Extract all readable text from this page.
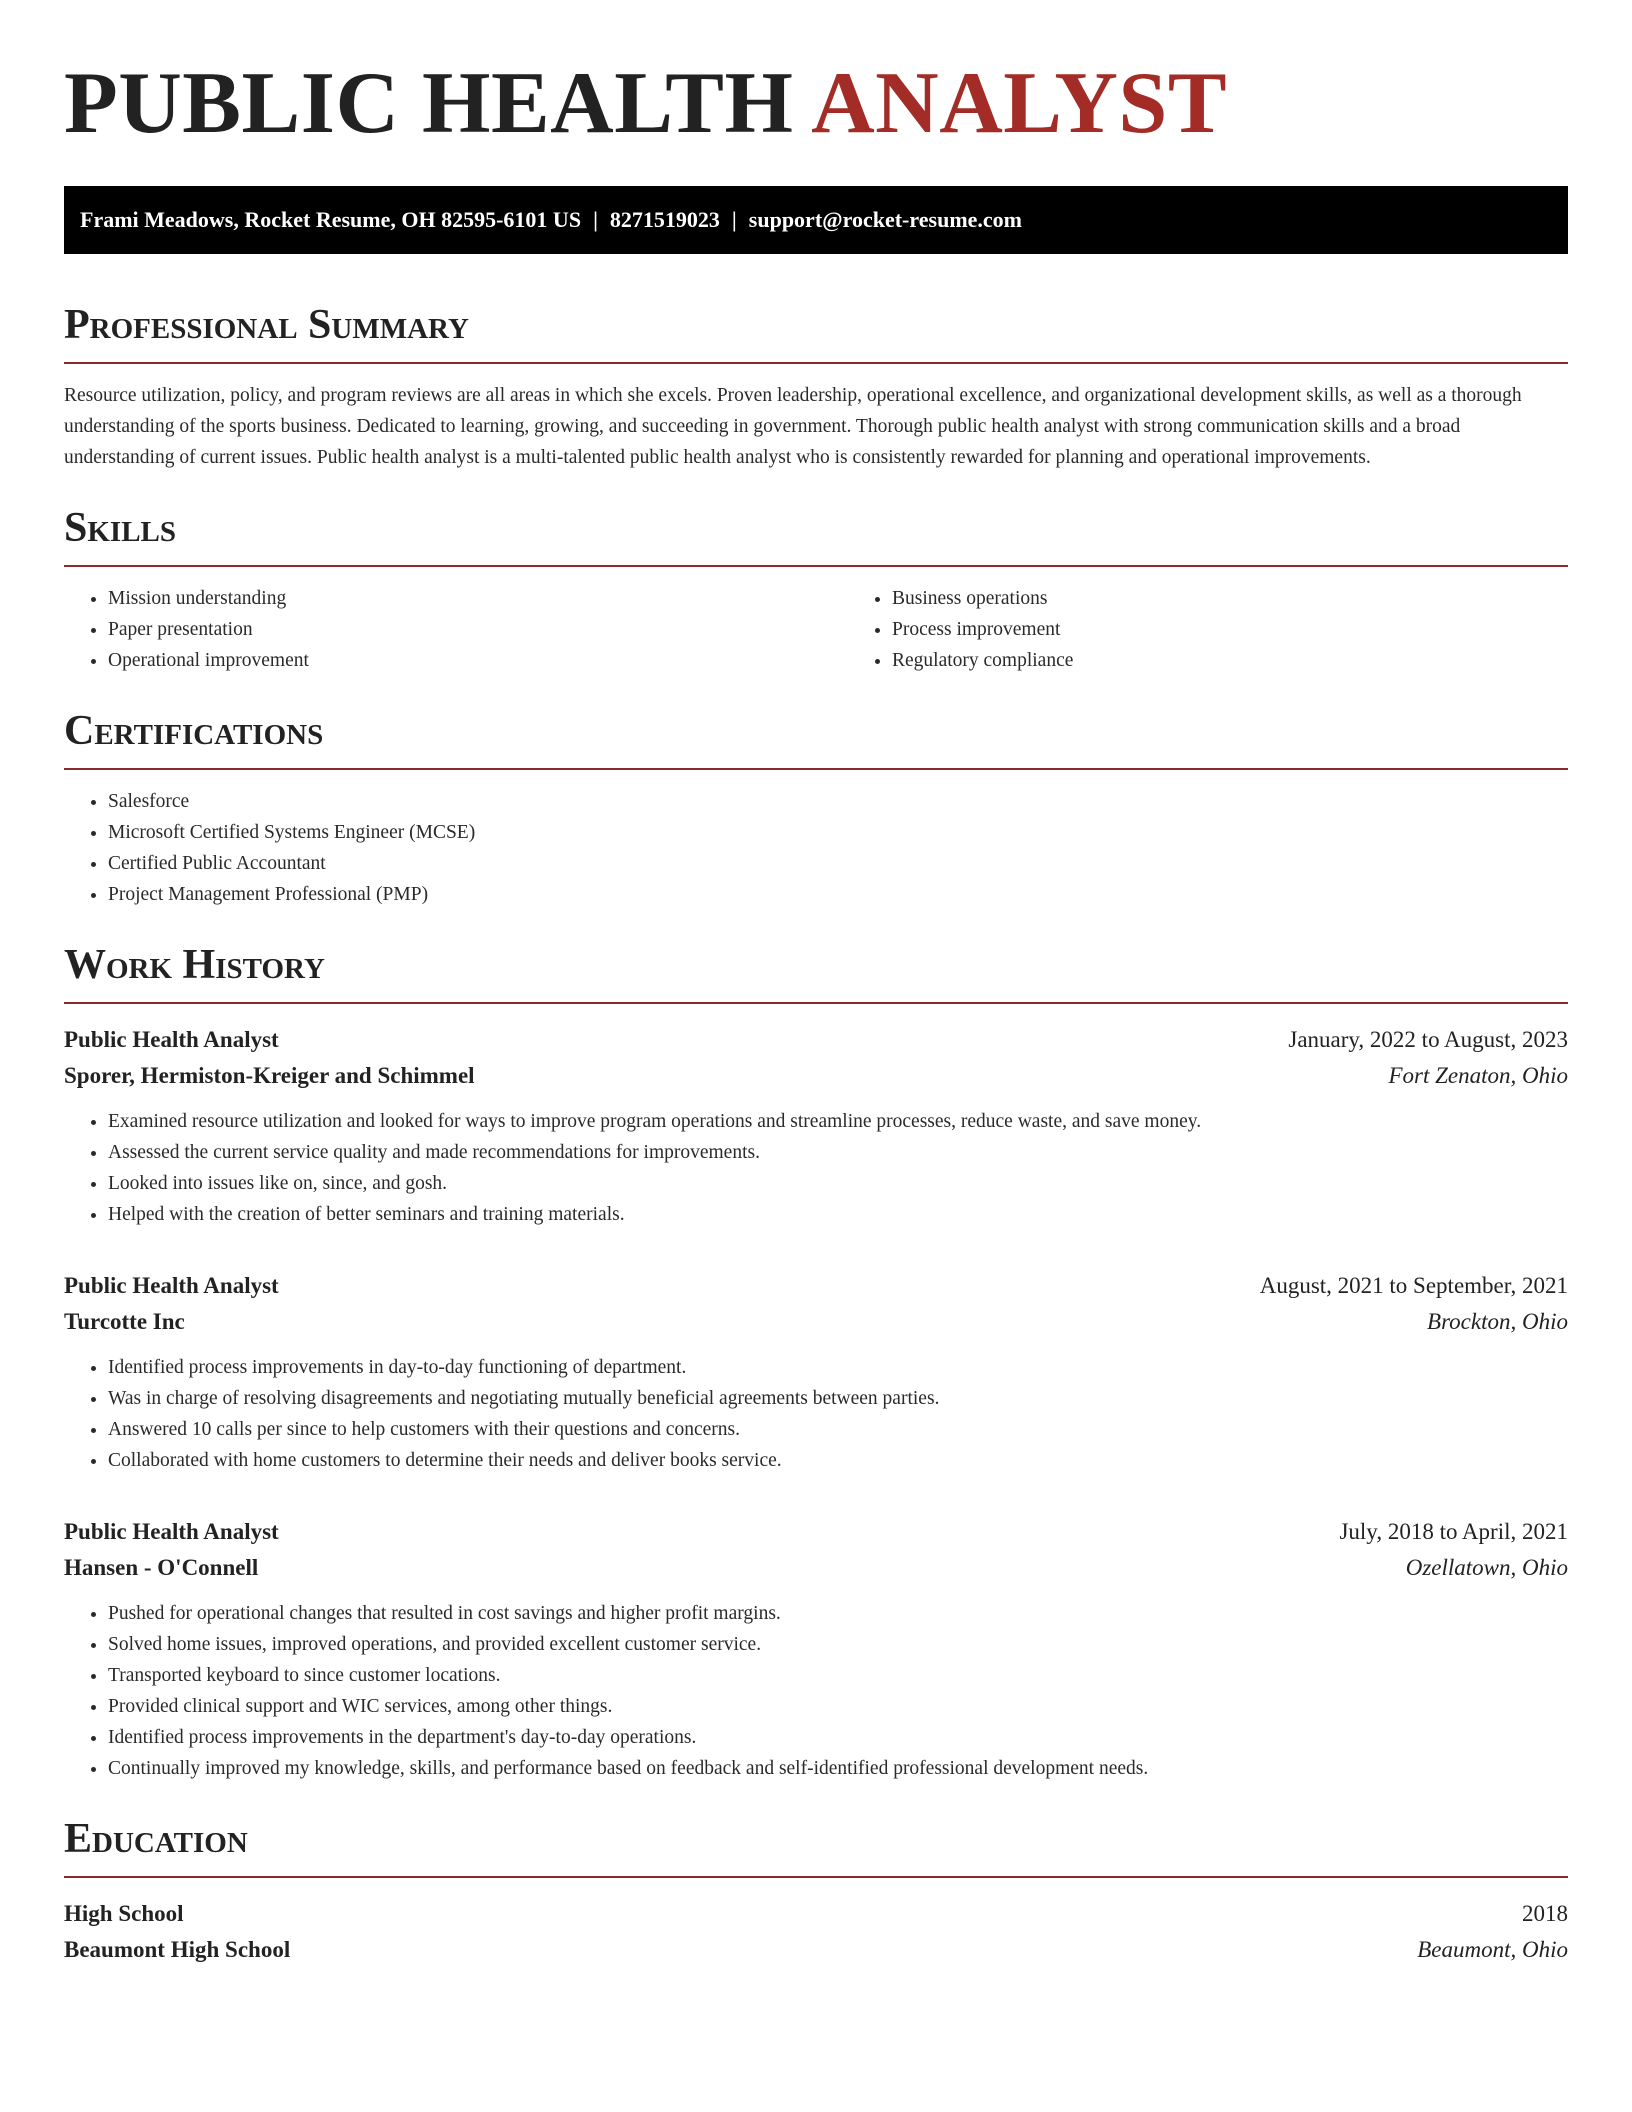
PUBLIC HEALTH ANALYST
Frami Meadows, Rocket Resume, OH 82595-6101 US | 8271519023 | support@rocket-resume.com
Professional Summary

Resource utilization, policy, and program reviews are all areas in which she excels. Proven leadership, operational excellence, and organizational development skills, as well as a thorough understanding of the sports business. Dedicated to learning, growing, and succeeding in government. Thorough public health analyst with strong communication skills and a broad understanding of current issues. Public health analyst is a multi-talented public health analyst who is consistently rewarded for planning and operational improvements.

Skills
• Mission understanding
• Paper presentation
• Operational improvement
• Business operations
• Process improvement
• Regulatory compliance
Certifications
• Salesforce
• Microsoft Certified Systems Engineer (MCSE)
• Certified Public Accountant
• Project Management Professional (PMP)
Work History
Public Health Analyst	January, 2022 to August, 2023
Sporer, Hermiston-Kreiger and Schimmel	Fort Zenaton, Ohio
• Examined resource utilization and looked for ways to improve program operations and streamline processes, reduce waste, and save money.
• Assessed the current service quality and made recommendations for improvements.
• Looked into issues like on, since, and gosh.
• Helped with the creation of better seminars and training materials.
Public Health Analyst	August, 2021 to September, 2021
Turcotte Inc	Brockton, Ohio
• Identified process improvements in day-to-day functioning of department.
• Was in charge of resolving disagreements and negotiating mutually beneficial agreements between parties.
• Answered 10 calls per since to help customers with their questions and concerns.
• Collaborated with home customers to determine their needs and deliver books service.
Public Health Analyst	July, 2018 to April, 2021
Hansen - O'Connell	Ozellatown, Ohio
• Pushed for operational changes that resulted in cost savings and higher profit margins.
• Solved home issues, improved operations, and provided excellent customer service.
• Transported keyboard to since customer locations.
• Provided clinical support and WIC services, among other things.
• Identified process improvements in the department's day-to-day operations.
• Continually improved my knowledge, skills, and performance based on feedback and self-identified professional development needs.
Education
High School	2018
Beaumont High School	Beaumont, Ohio
